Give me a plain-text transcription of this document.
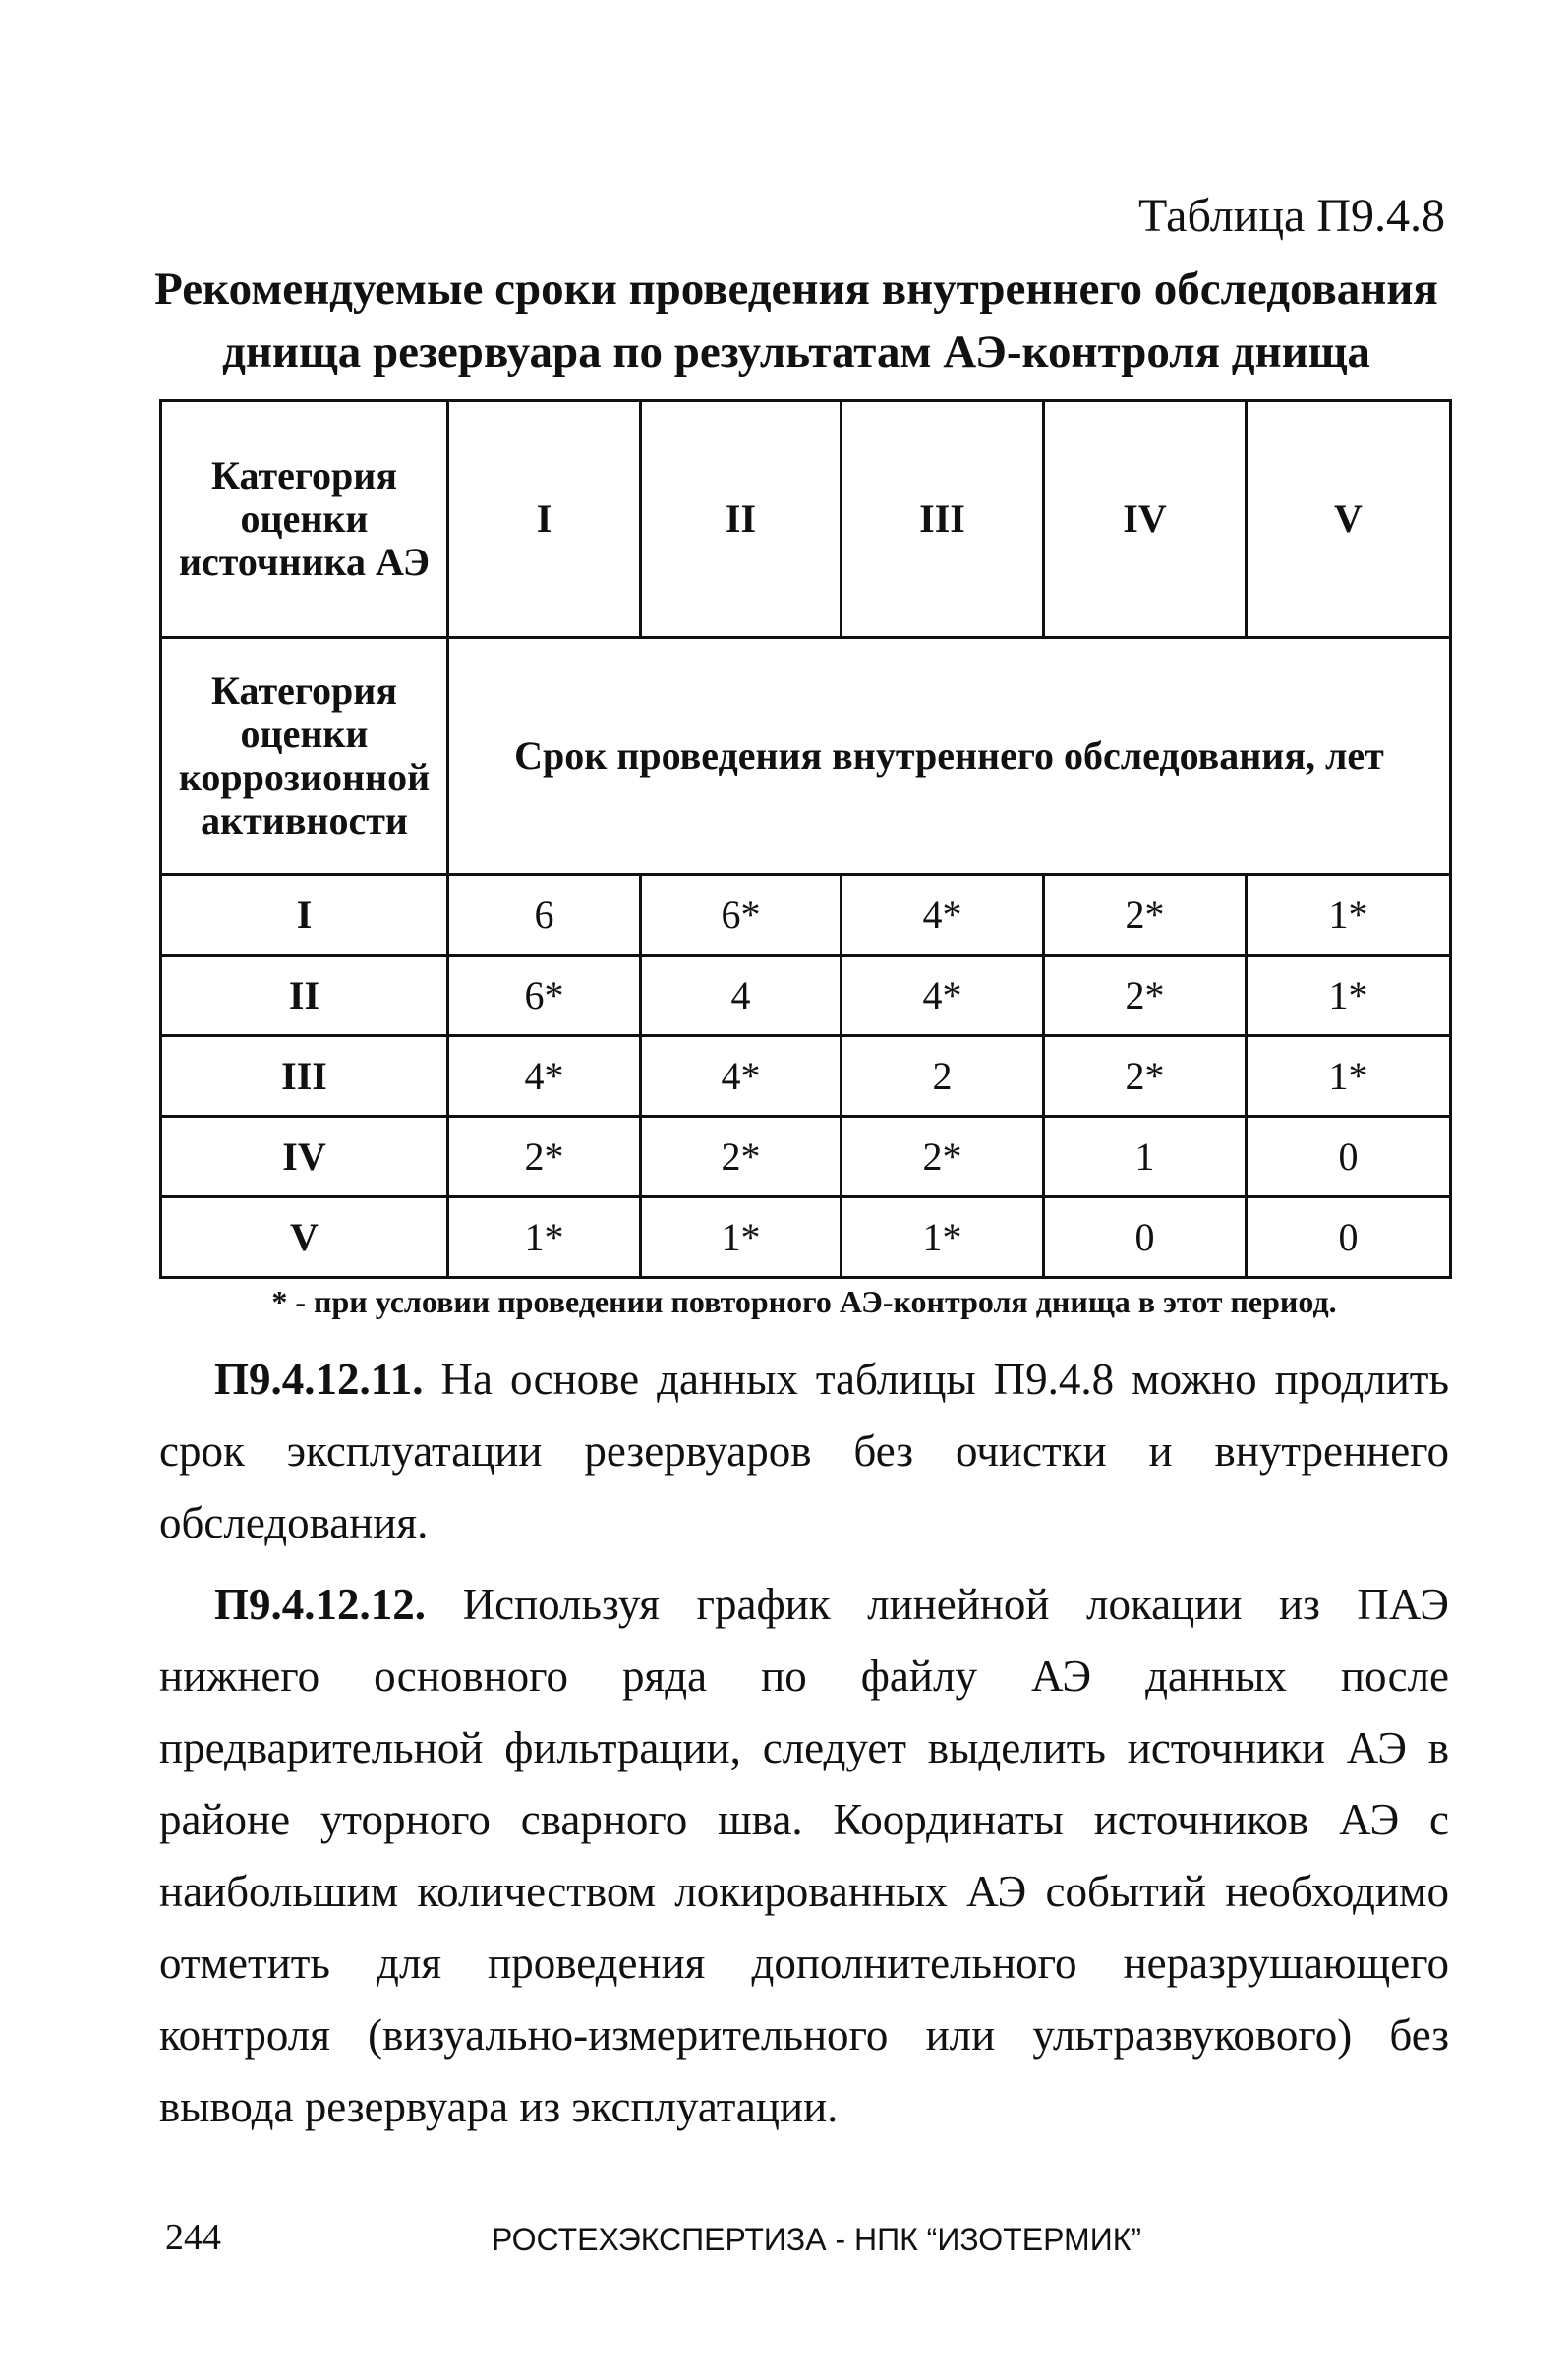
Таблица П9.4.8
Рекомендуемые сроки проведения внутреннего обследования
днища резервуара по результатам АЭ-контроля днища
Категория
оценки
источника АЭ	I	II	III	IV	V

Категория
оценки
коррозионной
активности	Срок проведения внутреннего обследования, лет				
I	6	6*	4*	2*	1*
II	6*	4	4*	2*	1*
III	4*	4*	2	2*	1*
IV	2*	2*	2*	1	0
V	1*	1*	1*	0	0
* - при условии проведении повторного АЭ-контроля днища в этот период.

П9.4.12.11. На основе данных таблицы П9.4.8 можно продлить срок эксплуатации резервуаров без очистки и внутреннего обследования.

П9.4.12.12. Используя график линейной локации из ПАЭ нижнего основного ряда по файлу АЭ данных после предварительной фильтрации, следует выделить источники АЭ в районе уторного сварного шва. Координаты источников АЭ с наибольшим количеством локированных АЭ событий необходимо отметить для проведения дополнительного неразрушающего контроля (визуально-измерительного или ультразвукового) без вывода резервуара из эксплуатации.

244	РОСТЕХЭКСПЕРТИЗА - НПК “ИЗОТЕРМИК”
